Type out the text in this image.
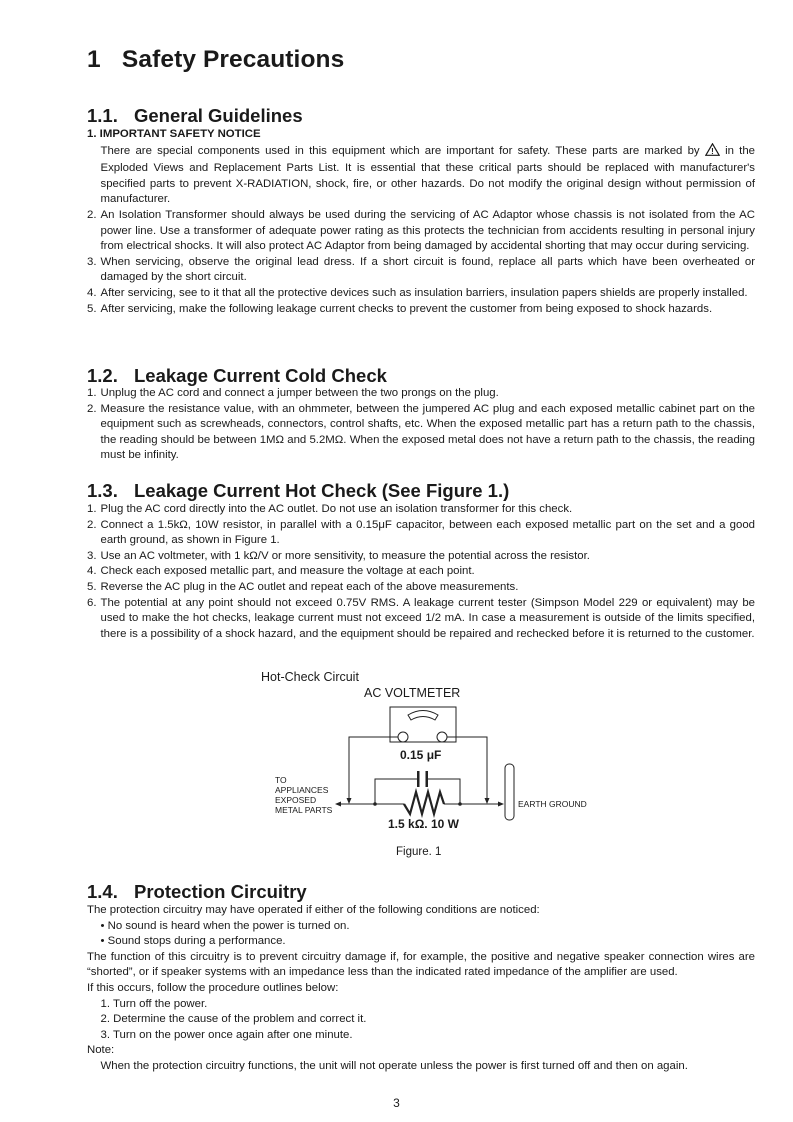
1 Safety Precautions
1.1. General Guidelines
1. IMPORTANT SAFETY NOTICE
There are special components used in this equipment which are important for safety. These parts are marked by ! in the Exploded Views and Replacement Parts List. It is essential that these critical parts should be replaced with manufacturer's specified parts to prevent X-RADIATION, shock, fire, or other hazards. Do not modify the original design without permission of manufacturer.
2. An Isolation Transformer should always be used during the servicing of AC Adaptor whose chassis is not isolated from the AC power line. Use a transformer of adequate power rating as this protects the technician from accidents resulting in personal injury from electrical shocks. It will also protect AC Adaptor from being damaged by accidental shorting that may occur during servicing.
3. When servicing, observe the original lead dress. If a short circuit is found, replace all parts which have been overheated or damaged by the short circuit.
4. After servicing, see to it that all the protective devices such as insulation barriers, insulation papers shields are properly installed.
5. After servicing, make the following leakage current checks to prevent the customer from being exposed to shock hazards.
1.2. Leakage Current Cold Check
1. Unplug the AC cord and connect a jumper between the two prongs on the plug.
2. Measure the resistance value, with an ohmmeter, between the jumpered AC plug and each exposed metallic cabinet part on the equipment such as screwheads, connectors, control shafts, etc. When the exposed metallic part has a return path to the chassis, the reading should be between 1MΩ and 5.2MΩ. When the exposed metal does not have a return path to the chassis, the reading must be infinity.
1.3. Leakage Current Hot Check (See Figure 1.)
1. Plug the AC cord directly into the AC outlet. Do not use an isolation transformer for this check.
2. Connect a 1.5kΩ, 10W resistor, in parallel with a 0.15μF capacitor, between each exposed metallic part on the set and a good earth ground, as shown in Figure 1.
3. Use an AC voltmeter, with 1 kΩ/V or more sensitivity, to measure the potential across the resistor.
4. Check each exposed metallic part, and measure the voltage at each point.
5. Reverse the AC plug in the AC outlet and repeat each of the above measurements.
6. The potential at any point should not exceed 0.75V RMS. A leakage current tester (Simpson Model 229 or equivalent) may be used to make the hot checks, leakage current must not exceed 1/2 mA. In case a measurement is outside of the limits specified, there is a possibility of a shock hazard, and the equipment should be repaired and rechecked before it is returned to the customer.
Hot-Check Circuit
AC VOLTMETER
0.15 μF
TO
APPLIANCES
EXPOSED
METAL PARTS
EARTH GROUND
1.5 kΩ. 10 W
Figure. 1
1.4. Protection Circuitry
The protection circuitry may have operated if either of the following conditions are noticed:
• No sound is heard when the power is turned on.
• Sound stops during a performance.
The function of this circuitry is to prevent circuitry damage if, for example, the positive and negative speaker connection wires are “shorted”, or if speaker systems with an impedance less than the indicated rated impedance of the amplifier are used.
If this occurs, follow the procedure outlines below:
1. Turn off the power.
2. Determine the cause of the problem and correct it.
3. Turn on the power once again after one minute.
Note:
When the protection circuitry functions, the unit will not operate unless the power is first turned off and then on again.
3
